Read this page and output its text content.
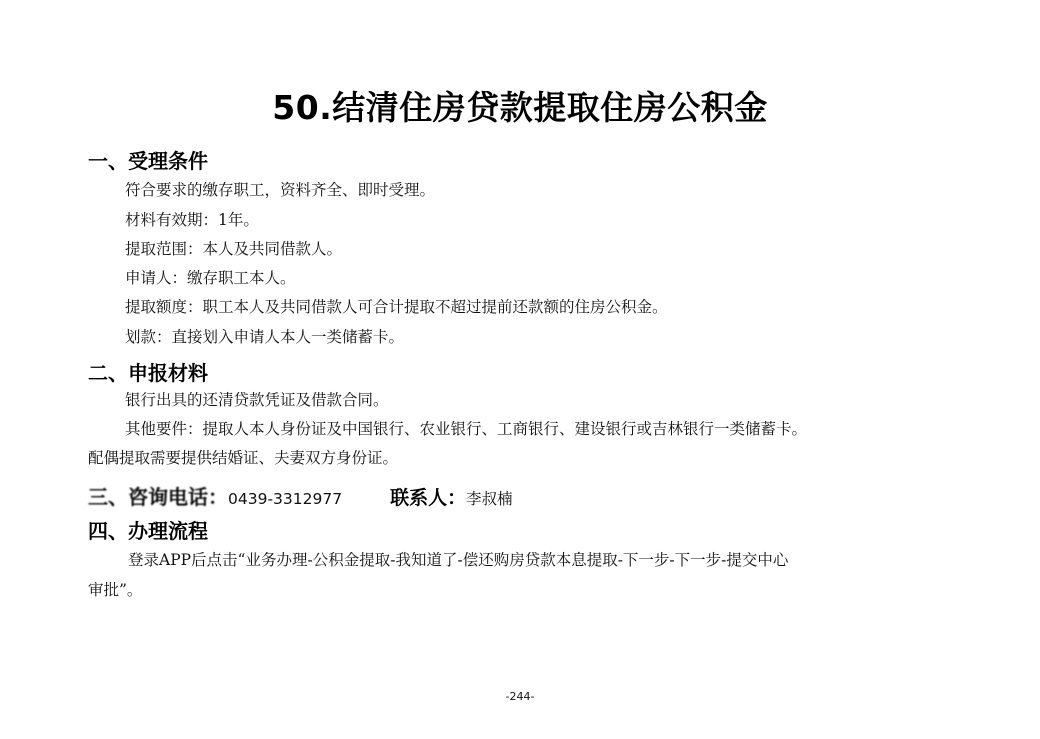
50.结清住房贷款提取住房公积金
一、受理条件
符合要求的缴存职工，资料齐全、即时受理。
材料有效期：1年。
提取范围：本人及共同借款人。
申请人：缴存职工本人。
提取额度：职工本人及共同借款人可合计提取不超过提前还款额的住房公积金。
划款：直接划入申请人本人一类储蓄卡。
二、申报材料
银行出具的还清贷款凭证及借款合同。
其他要件：提取人本人身份证及中国银行、农业银行、工商银行、建设银行或吉林银行一类储蓄卡。
配偶提取需要提供结婚证、夫妻双方身份证。
三、咨询电话：0439-3312977	联系人：李叔楠
四、办理流程
登录APP后点击“业务办理-公积金提取-我知道了-偿还购房贷款本息提取-下一步-下一步-提交中心
审批”。
-244-
